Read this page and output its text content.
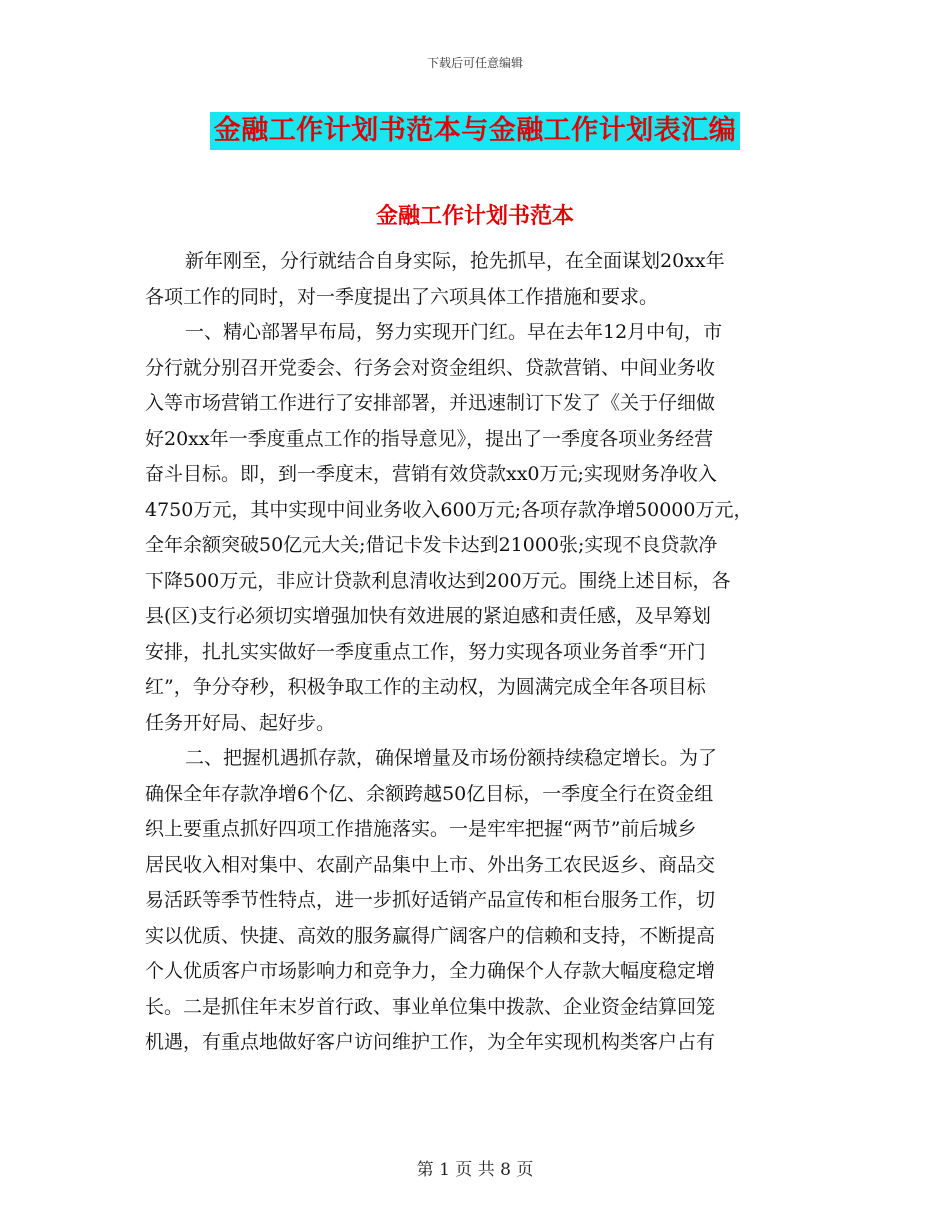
下载后可任意编辑
金融工作计划书范本与金融工作计划表汇编
金融工作计划书范本
新年刚至，分行就结合自身实际，抢先抓早，在全面谋划20xx年
各项工作的同时，对一季度提出了六项具体工作措施和要求。
一、精心部署早布局，努力实现开门红。早在去年12月中旬，市
分行就分别召开党委会、行务会对资金组织、贷款营销、中间业务收
入等市场营销工作进行了安排部署，并迅速制订下发了《关于仔细做
好20xx年一季度重点工作的指导意见》，提出了一季度各项业务经营
奋斗目标。即，到一季度末，营销有效贷款xx0万元;实现财务净收入
4750万元，其中实现中间业务收入600万元;各项存款净增50000万元，
全年余额突破50亿元大关;借记卡发卡达到21000张;实现不良贷款净
下降500万元，非应计贷款利息清收达到200万元。围绕上述目标，各
县(区)支行必须切实增强加快有效进展的紧迫感和责任感，及早筹划
安排，扎扎实实做好一季度重点工作，努力实现各项业务首季“开门
红”，争分夺秒，积极争取工作的主动权，为圆满完成全年各项目标
任务开好局、起好步。
二、把握机遇抓存款，确保增量及市场份额持续稳定增长。为了
确保全年存款净增6个亿、余额跨越50亿目标，一季度全行在资金组
织上要重点抓好四项工作措施落实。一是牢牢把握“两节”前后城乡
居民收入相对集中、农副产品集中上市、外出务工农民返乡、商品交
易活跃等季节性特点，进一步抓好适销产品宣传和柜台服务工作，切
实以优质、快捷、高效的服务赢得广阔客户的信赖和支持，不断提高
个人优质客户市场影响力和竞争力，全力确保个人存款大幅度稳定增
长。二是抓住年末岁首行政、事业单位集中拨款、企业资金结算回笼
机遇，有重点地做好客户访问维护工作，为全年实现机构类客户占有
第 1 页 共 8 页
